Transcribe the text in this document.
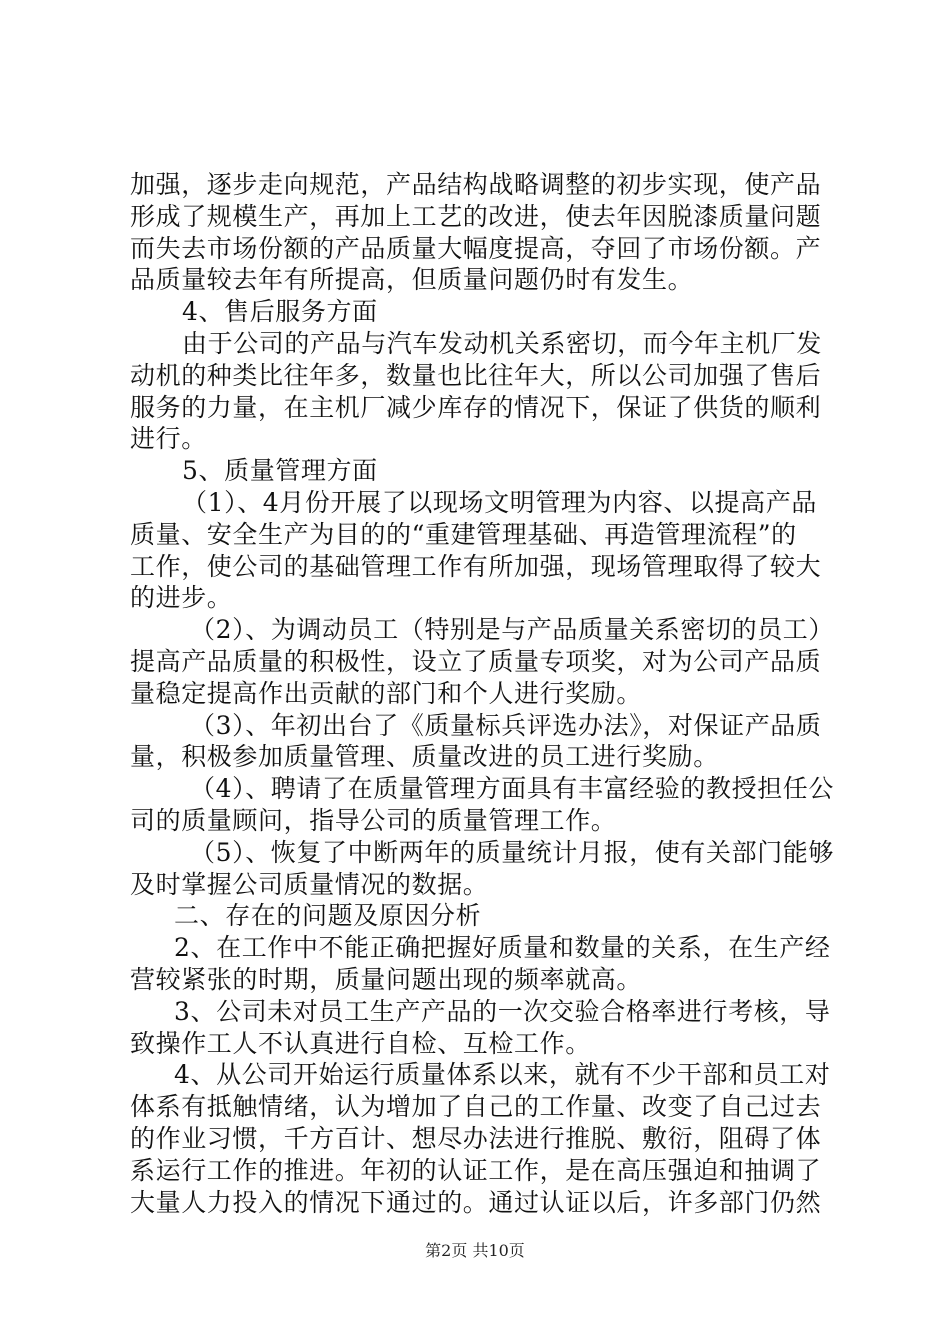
加强，逐步走向规范，产品结构战略调整的初步实现，使产品
形成了规模生产，再加上工艺的改进，使去年因脱漆质量问题
而失去市场份额的产品质量大幅度提高，夺回了市场份额。产
品质量较去年有所提高，但质量问题仍时有发生。
4、售后服务方面
由于公司的产品与汽车发动机关系密切，而今年主机厂发
动机的种类比往年多，数量也比往年大，所以公司加强了售后
服务的力量，在主机厂减少库存的情况下，保证了供货的顺利
进行。
5、质量管理方面
（1）、4月份开展了以现场文明管理为内容、以提高产品
质量、安全生产为目的的“重建管理基础、再造管理流程”的
工作，使公司的基础管理工作有所加强，现场管理取得了较大
的进步。
（2）、为调动员工（特别是与产品质量关系密切的员工）
提高产品质量的积极性，设立了质量专项奖，对为公司产品质
量稳定提高作出贡献的部门和个人进行奖励。
（3）、年初出台了《质量标兵评选办法》，对保证产品质
量，积极参加质量管理、质量改进的员工进行奖励。
（4）、聘请了在质量管理方面具有丰富经验的教授担任公
司的质量顾问，指导公司的质量管理工作。
（5）、恢复了中断两年的质量统计月报，使有关部门能够
及时掌握公司质量情况的数据。
二、存在的问题及原因分析
2、在工作中不能正确把握好质量和数量的关系，在生产经
营较紧张的时期，质量问题出现的频率就高。
3、公司未对员工生产产品的一次交验合格率进行考核，导
致操作工人不认真进行自检、互检工作。
4、从公司开始运行质量体系以来，就有不少干部和员工对
体系有抵触情绪，认为增加了自己的工作量、改变了自己过去
的作业习惯，千方百计、想尽办法进行推脱、敷衍，阻碍了体
系运行工作的推进。年初的认证工作，是在高压强迫和抽调了
大量人力投入的情况下通过的。通过认证以后，许多部门仍然
第2页 共10页
